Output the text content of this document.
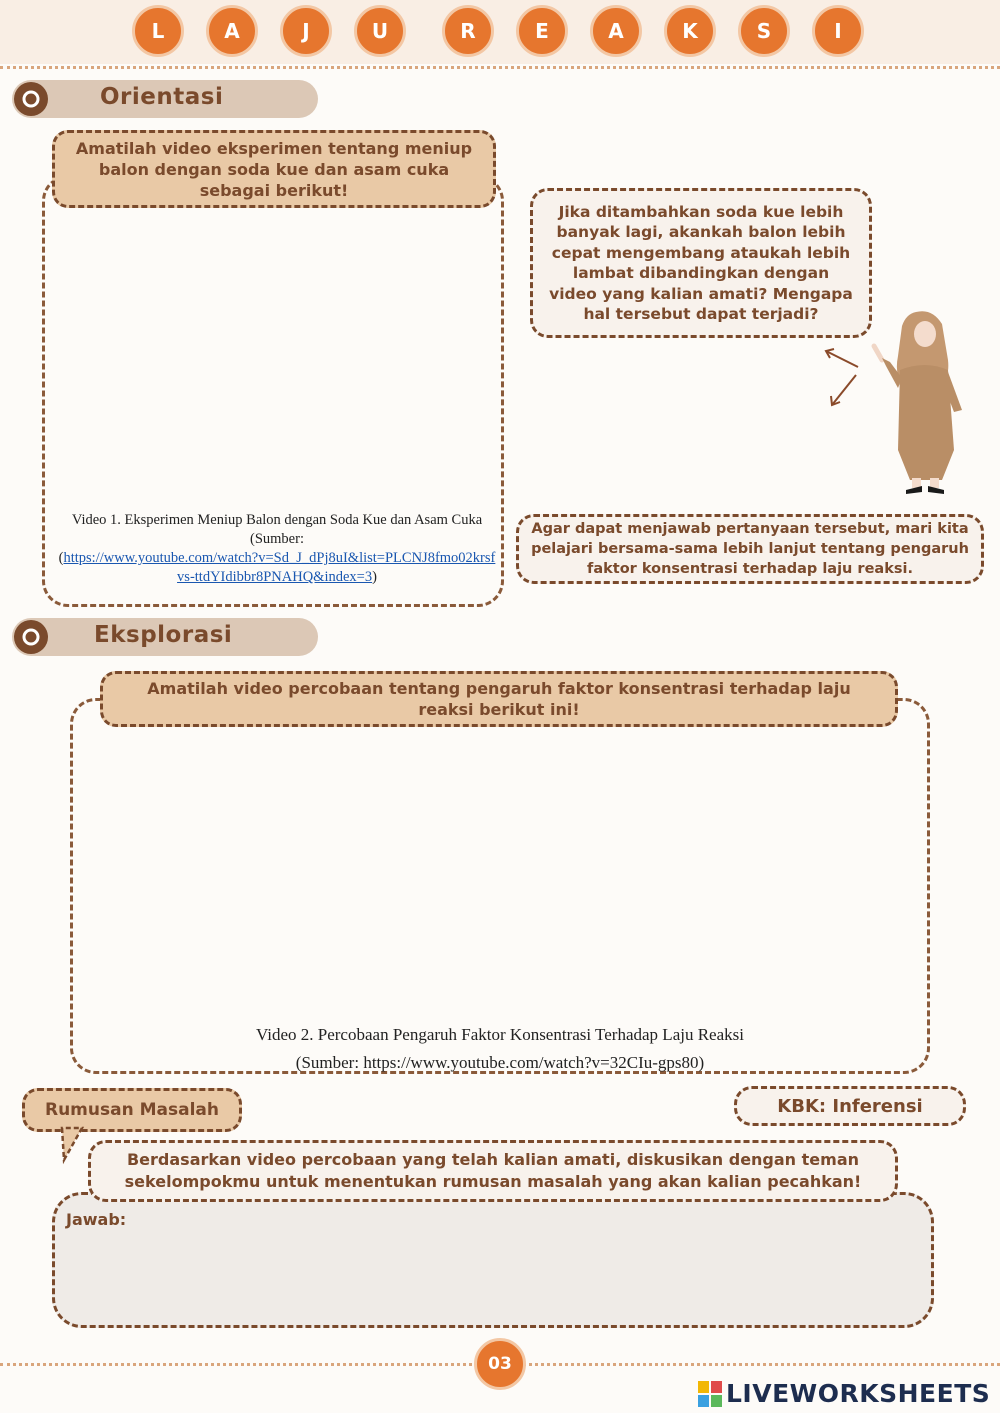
L	A	J	U	R	E	A	K	S	I
Orientasi
Amatilah video eksperimen tentang meniup balon dengan soda kue dan asam cuka sebagai berikut!
Video 1. Eksperimen Meniup Balon dengan Soda Kue dan Asam Cuka
(Sumber:
(https://www.youtube.com/watch?v=Sd_J_dPj8uI&list=PLCNJ8fmo02krsfvs-ttdYIdibbr8PNAHQ&index=3)
Jika ditambahkan soda kue lebih banyak lagi, akankah balon lebih cepat mengembang ataukah lebih lambat dibandingkan dengan video yang kalian amati? Mengapa hal tersebut dapat terjadi?
Agar dapat menjawab pertanyaan tersebut, mari kita pelajari bersama-sama lebih lanjut tentang pengaruh faktor konsentrasi terhadap laju reaksi.
Eksplorasi
Amatilah video percobaan tentang pengaruh faktor konsentrasi terhadap laju reaksi berikut ini!
Video 2. Percobaan Pengaruh Faktor Konsentrasi Terhadap Laju Reaksi
(Sumber: https://www.youtube.com/watch?v=32CIu-gps80)
Rumusan Masalah	KBK : Inferensi
Jawab:
Berdasarkan video percobaan yang telah kalian amati, diskusikan dengan teman sekelompokmu untuk menentukan rumusan masalah yang akan kalian pecahkan!
03
LIVEWORKSHEETS
